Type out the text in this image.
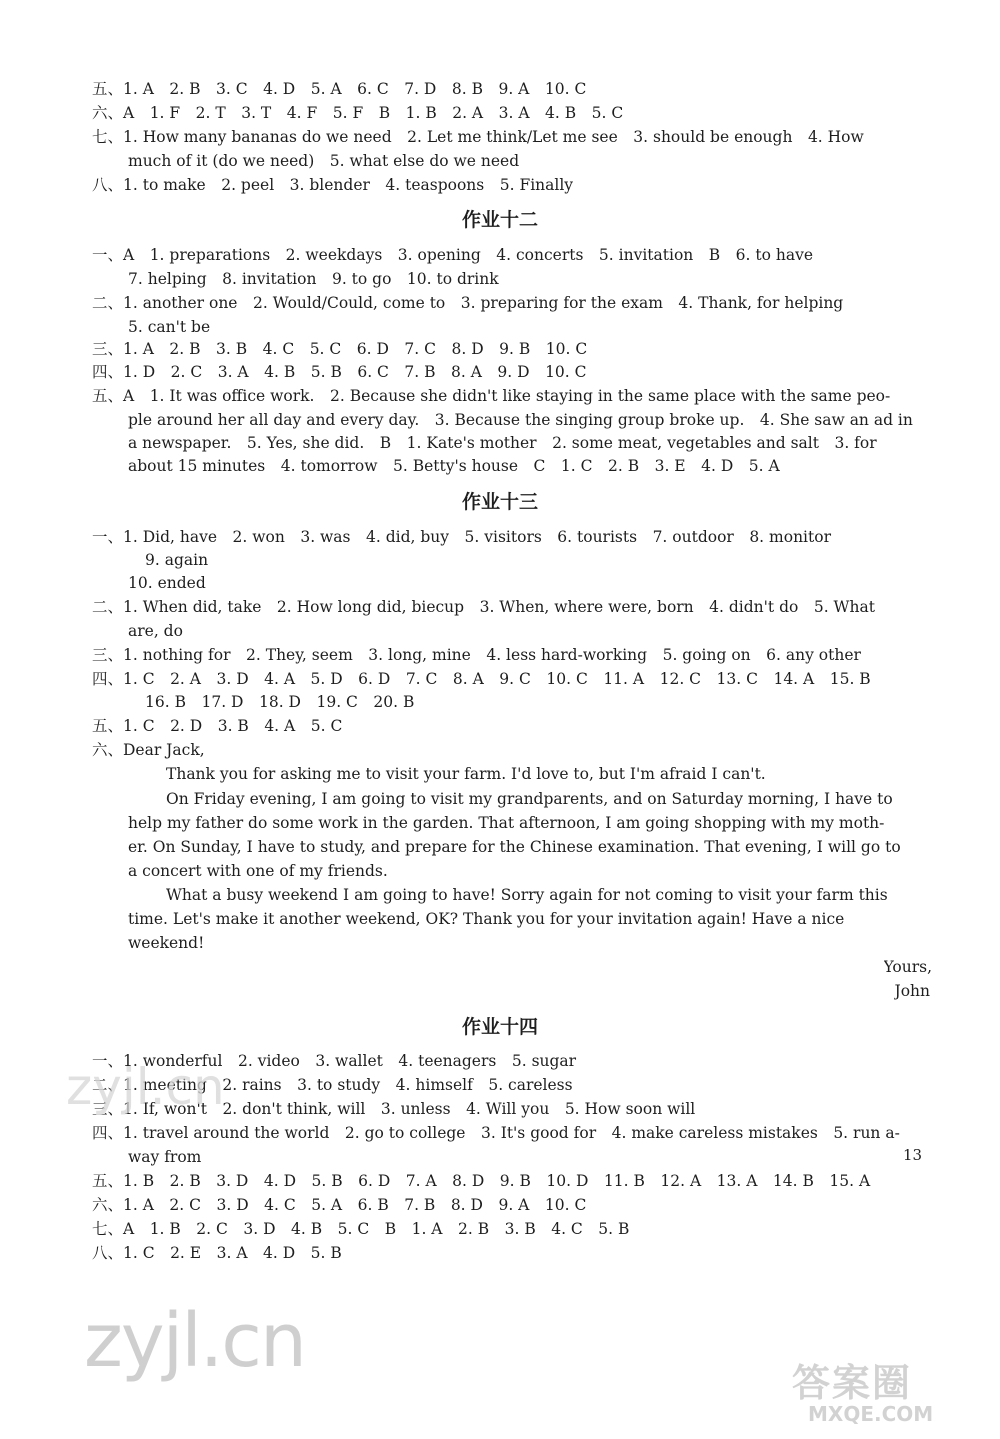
五、1. A　2. B　3. C　4. D　5. A　6. C　7. D　8. B　9. A　10. C
六、A　1. F　2. T　3. T　4. F　5. F　B　1. B　2. A　3. A　4. B　5. C
七、1. How many bananas do we need　2. Let me think/Let me see　3. should be enough　4. How
much of it (do we need)　5. what else do we need
八、1. to make　2. peel　3. blender　4. teaspoons　5. Finally
作业十二
一、A　1. preparations　2. weekdays　3. opening　4. concerts　5. invitation　B　6. to have
7. helping　8. invitation　9. to go　10. to drink
二、1. another one　2. Would/Could, come to　3. preparing for the exam　4. Thank, for helping
5. can't be
三、1. A　2. B　3. B　4. C　5. C　6. D　7. C　8. D　9. B　10. C
四、1. D　2. C　3. A　4. B　5. B　6. C　7. B　8. A　9. D　10. C
五、A　1. It was office work.　2. Because she didn't like staying in the same place with the same peo-
ple around her all day and every day.　3. Because the singing group broke up.　4. She saw an ad in
a newspaper.　5. Yes, she did.　B　1. Kate's mother　2. some meat, vegetables and salt　3. for
about 15 minutes　4. tomorrow　5. Betty's house　C　1. C　2. B　3. E　4. D　5. A
作业十三
一、1. Did, have　2. won　3. was　4. did, buy　5. visitors　6. tourists　7. outdoor　8. monitor
9. again
10. ended
二、1. When did, take　2. How long did, biecup　3. When, where were, born　4. didn't do　5. What
are, do
三、1. nothing for　2. They, seem　3. long, mine　4. less hard-working　5. going on　6. any other
四、1. C　2. A　3. D　4. A　5. D　6. D　7. C　8. A　9. C　10. C　11. A　12. C　13. C　14. A　15. B
16. B　17. D　18. D　19. C　20. B
五、1. C　2. D　3. B　4. A　5. C
六、Dear Jack,
Thank you for asking me to visit your farm. I'd love to, but I'm afraid I can't.
On Friday evening, I am going to visit my grandparents, and on Saturday morning, I have to
help my father do some work in the garden. That afternoon, I am going shopping with my moth-
er. On Sunday, I have to study, and prepare for the Chinese examination. That evening, I will go to
a concert with one of my friends.
What a busy weekend I am going to have! Sorry again for not coming to visit your farm this
time. Let's make it another weekend, OK? Thank you for your invitation again! Have a nice
weekend!
Yours,
John
作业十四
一、1. wonderful　2. video　3. wallet　4. teenagers　5. sugar
二、1. meeting　2. rains　3. to study　4. himself　5. careless
三、1. If, won't　2. don't think, will　3. unless　4. Will you　5. How soon will
四、1. travel around the world　2. go to college　3. It's good for　4. make careless mistakes　5. run a-
way from
五、1. B　2. B　3. D　4. D　5. B　6. D　7. A　8. D　9. B　10. D　11. B　12. A　13. A　14. B　15. A
六、1. A　2. C　3. D　4. C　5. A　6. B　7. B　8. D　9. A　10. C
七、A　1. B　2. C　3. D　4. B　5. C　B　1. A　2. B　3. B　4. C　5. B
八、1. C　2. E　3. A　4. D　5. B
13
zyjl.cn
zyjl.cn	答案圈
MXQE.COM
